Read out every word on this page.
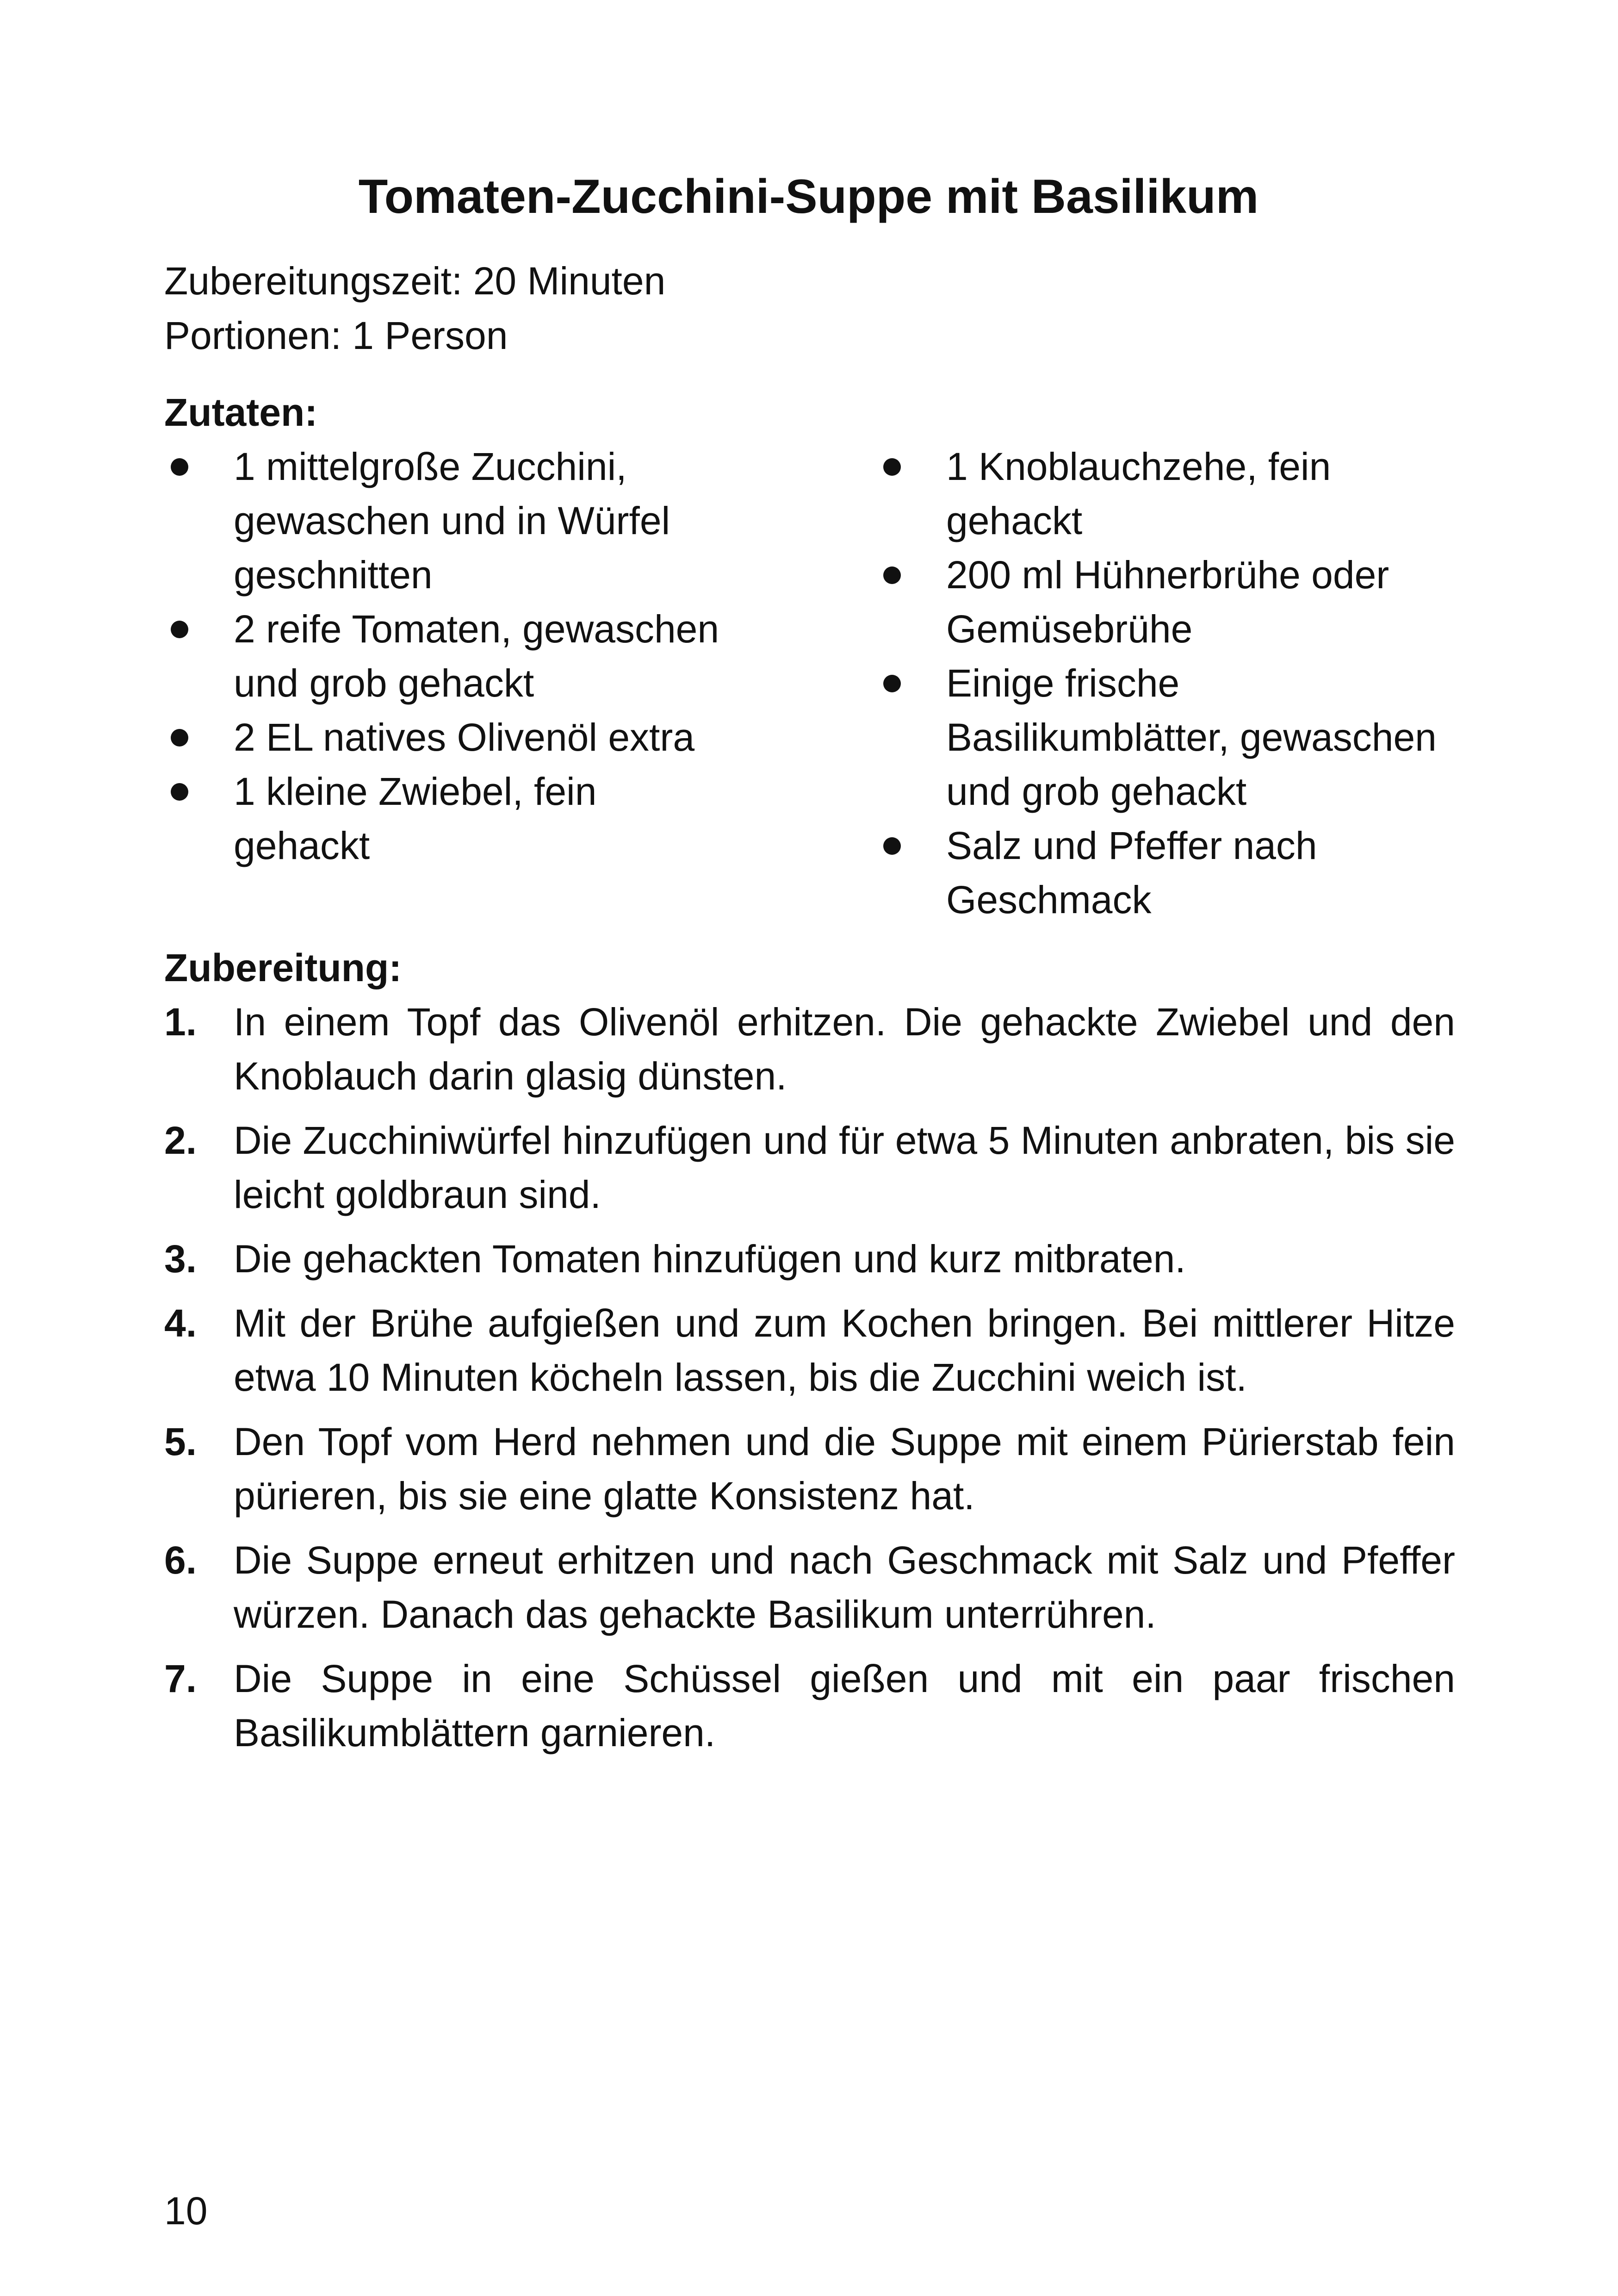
Tomaten-Zucchini-Suppe mit Basilikum
Zubereitungszeit: 20 Minuten
Portionen: 1 Person
Zutaten:
1 mittelgroße Zucchini, gewaschen und in Würfel geschnitten
2 reife Tomaten, gewaschen und grob gehackt
2 EL natives Olivenöl extra
1 kleine Zwiebel, fein gehackt
1 Knoblauchzehe, fein gehackt
200 ml Hühnerbrühe oder Gemüsebrühe
Einige frische Basilikumblätter, gewaschen und grob gehackt
Salz und Pfeffer nach Geschmack
Zubereitung:
1. In einem Topf das Olivenöl erhitzen. Die gehackte Zwiebel und den Knoblauch darin glasig dünsten.
2. Die Zucchiniwürfel hinzufügen und für etwa 5 Minuten anbraten, bis sie leicht goldbraun sind.
3. Die gehackten Tomaten hinzufügen und kurz mitbraten.
4. Mit der Brühe aufgießen und zum Kochen bringen. Bei mittlerer Hitze etwa 10 Minuten köcheln lassen, bis die Zucchini weich ist.
5. Den Topf vom Herd nehmen und die Suppe mit einem Pürierstab fein pürieren, bis sie eine glatte Konsistenz hat.
6. Die Suppe erneut erhitzen und nach Geschmack mit Salz und Pfeffer würzen. Danach das gehackte Basilikum unterrühren.
7. Die Suppe in eine Schüssel gießen und mit ein paar frischen Basilikumblättern garnieren.
10
